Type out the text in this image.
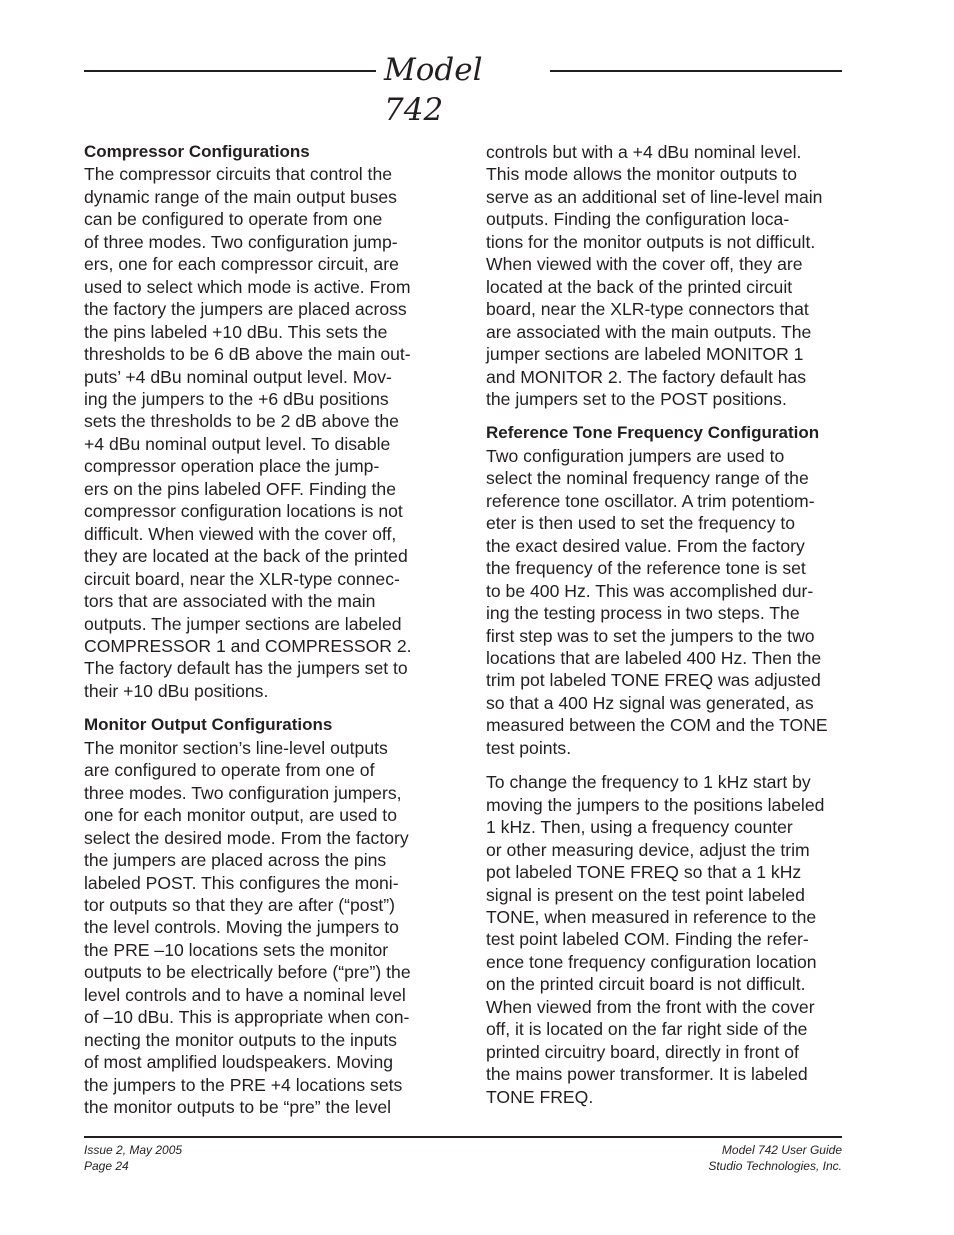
Model 742
Compressor Configurations

The compressor circuits that control the
dynamic range of the main output buses
can be configured to operate from one
of three modes. Two configuration jump-
ers, one for each compressor circuit, are
used to select which mode is active. From
the factory the jumpers are placed across
the pins labeled +10 dBu. This sets the
thresholds to be 6 dB above the main out-
puts’ +4 dBu nominal output level. Mov-
ing the jumpers to the +6 dBu positions
sets the thresholds to be 2 dB above the
+4 dBu nominal output level. To disable
compressor operation place the jump-
ers on the pins labeled OFF. Finding the
compressor configuration locations is not
difficult. When viewed with the cover off,
they are located at the back of the printed
circuit board, near the XLR-type connec-
tors that are associated with the main
outputs. The jumper sections are labeled
COMPRESSOR 1 and COMPRESSOR 2.
The factory default has the jumpers set to
their +10 dBu positions.

Monitor Output Configurations

The monitor section’s line-level outputs
are configured to operate from one of
three modes. Two configuration jumpers,
one for each monitor output, are used to
select the desired mode. From the factory
the jumpers are placed across the pins
labeled POST. This configures the moni-
tor outputs so that they are after (“post”)
the level controls. Moving the jumpers to
the PRE –10 locations sets the monitor
outputs to be electrically before (“pre”) the
level controls and to have a nominal level
of –10 dBu. This is appropriate when con-
necting the monitor outputs to the inputs
of most amplified loudspeakers. Moving
the jumpers to the PRE +4 locations sets
the monitor outputs to be “pre” the level

controls but with a +4 dBu nominal level.
This mode allows the monitor outputs to
serve as an additional set of line-level main
outputs. Finding the configuration loca-
tions for the monitor outputs is not difficult.
When viewed with the cover off, they are
located at the back of the printed circuit
board, near the XLR-type connectors that
are associated with the main outputs. The
jumper sections are labeled MONITOR 1
and MONITOR 2. The factory default has
the jumpers set to the POST positions.

Reference Tone Frequency Configuration

Two configuration jumpers are used to
select the nominal frequency range of the
reference tone oscillator. A trim potentiom-
eter is then used to set the frequency to
the exact desired value. From the factory
the frequency of the reference tone is set
to be 400 Hz. This was accomplished dur-
ing the testing process in two steps. The
first step was to set the jumpers to the two
locations that are labeled 400 Hz. Then the
trim pot labeled TONE FREQ was adjusted
so that a 400 Hz signal was generated, as
measured between the COM and the TONE
test points.

To change the frequency to 1 kHz start by
moving the jumpers to the positions labeled
1 kHz. Then, using a frequency counter
or other measuring device, adjust the trim
pot labeled TONE FREQ so that a 1 kHz
signal is present on the test point labeled
TONE, when measured in reference to the
test point labeled COM. Finding the refer-
ence tone frequency configuration location
on the printed circuit board is not difficult.
When viewed from the front with the cover
off, it is located on the far right side of the
printed circuitry board, directly in front of
the mains power transformer. It is labeled
TONE FREQ.

Issue 2, May 2005
Page 24
Model 742 User Guide
Studio Technologies, Inc.
